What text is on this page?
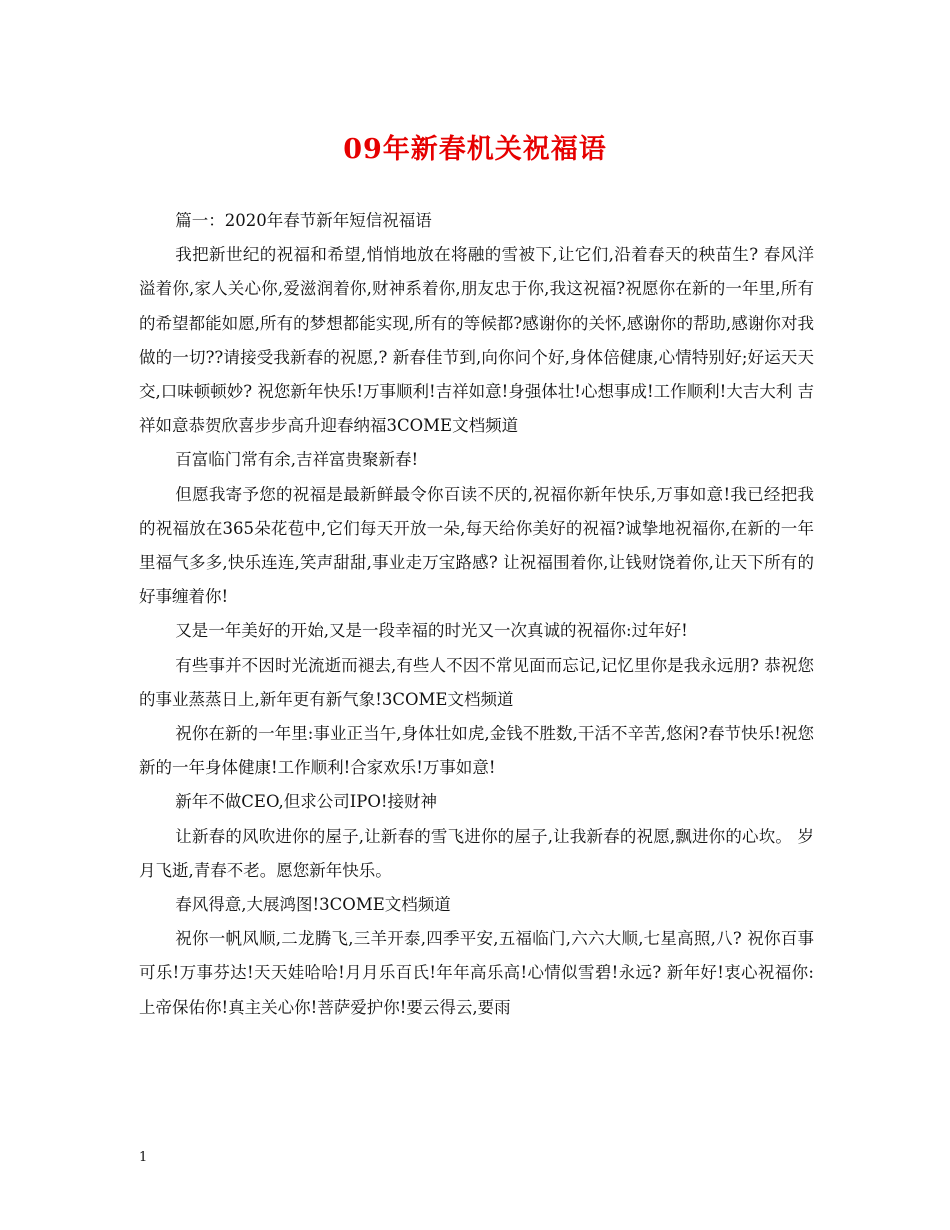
09年新春机关祝福语

篇一：2020年春节新年短信祝福语

我把新世纪的祝福和希望,悄悄地放在将融的雪被下,让它们,沿着春天的秧苗生? 春风洋溢着你,家人关心你,爱滋润着你,财神系着你,朋友忠于你,我这祝福?祝愿你在新的一年里,所有的希望都能如愿,所有的梦想都能实现,所有的等候都?感谢你的关怀,感谢你的帮助,感谢你对我做的一切??请接受我新春的祝愿,? 新春佳节到,向你问个好,身体倍健康,心情特别好;好运天天交,口味顿顿妙? 祝您新年快乐!万事顺利!吉祥如意!身强体壮!心想事成!工作顺利!大吉大利 吉祥如意恭贺欣喜步步高升迎春纳福3COME文档频道

百富临门常有余,吉祥富贵聚新春!

但愿我寄予您的祝福是最新鲜最令你百读不厌的,祝福你新年快乐,万事如意!我已经把我的祝福放在365朵花苞中,它们每天开放一朵,每天给你美好的祝福?诚挚地祝福你,在新的一年里福气多多,快乐连连,笑声甜甜,事业走万宝路感? 让祝福围着你,让钱财饶着你,让天下所有的好事缠着你!

又是一年美好的开始,又是一段幸福的时光又一次真诚的祝福你:过年好!

有些事并不因时光流逝而褪去,有些人不因不常见面而忘记,记忆里你是我永远朋? 恭祝您的事业蒸蒸日上,新年更有新气象!3COME文档频道

祝你在新的一年里:事业正当午,身体壮如虎,金钱不胜数,干活不辛苦,悠闲?春节快乐!祝您新的一年身体健康!工作顺利!合家欢乐!万事如意!

新年不做CEO,但求公司IPO!接财神

让新春的风吹进你的屋子,让新春的雪飞进你的屋子,让我新春的祝愿,飘进你的心坎。 岁月飞逝,青春不老。愿您新年快乐。

春风得意,大展鸿图!3COME文档频道

祝你一帆风顺,二龙腾飞,三羊开泰,四季平安,五福临门,六六大顺,七星高照,八? 祝你百事可乐!万事芬达!天天娃哈哈!月月乐百氏!年年高乐高!心情似雪碧!永远? 新年好!衷心祝福你:上帝保佑你!真主关心你!菩萨爱护你!要云得云,要雨

1
